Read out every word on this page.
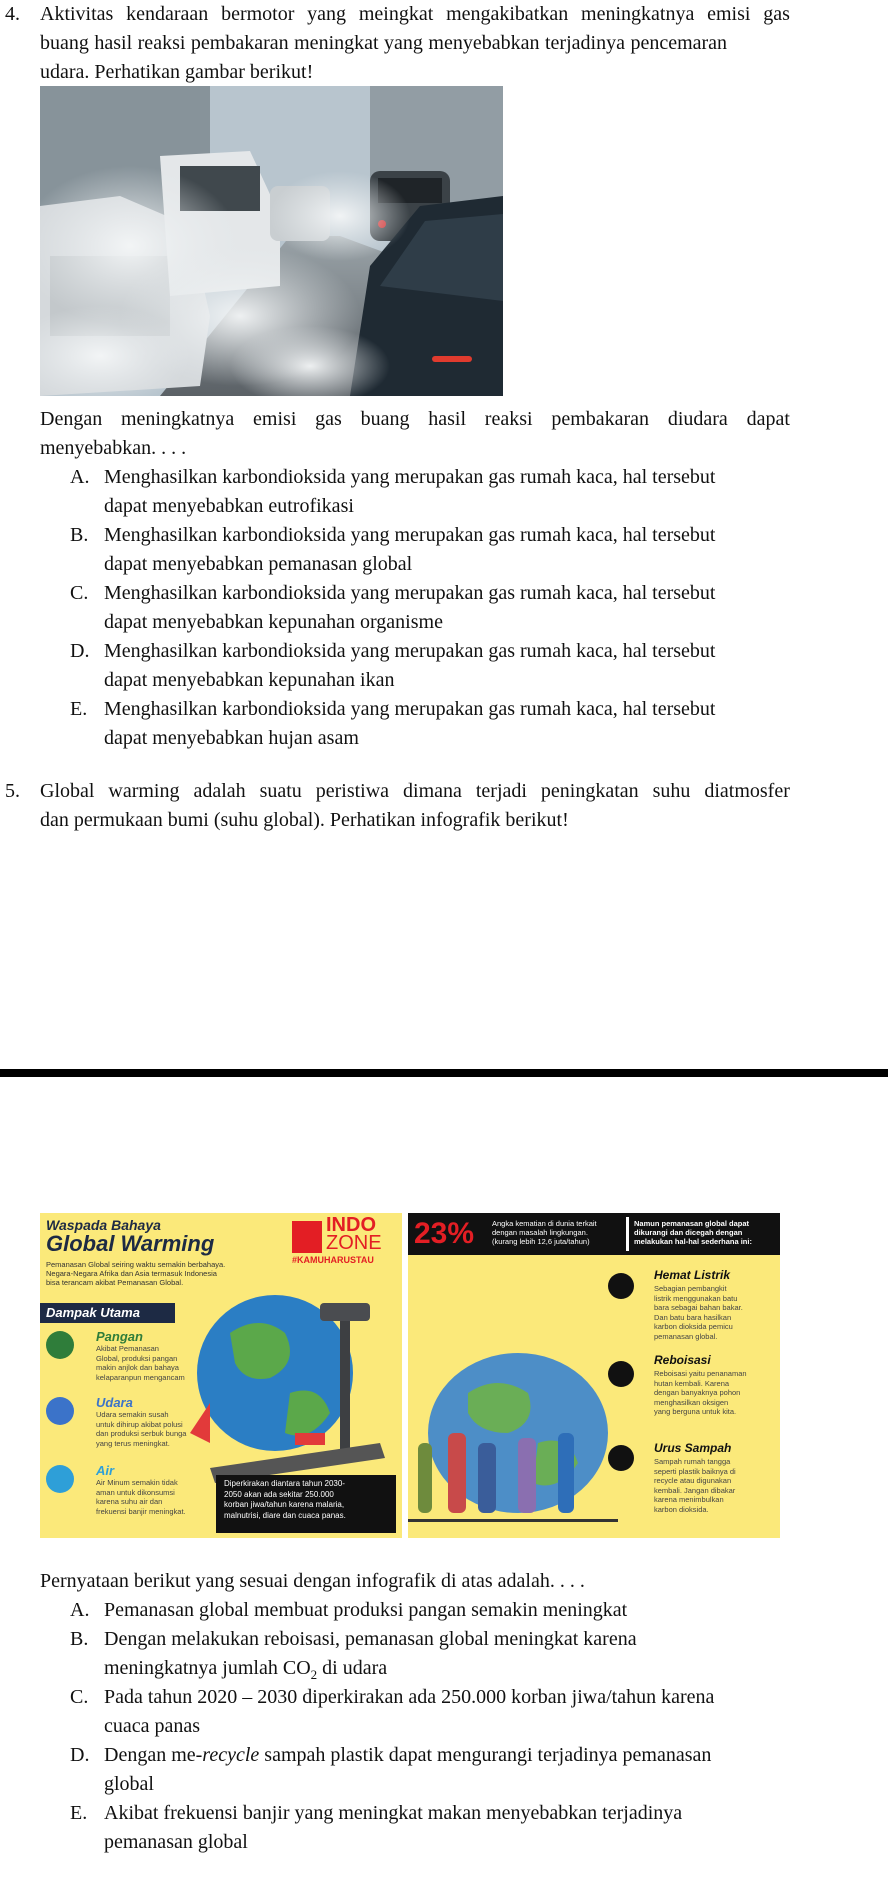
4. Aktivitas kendaraan bermotor yang meingkat mengakibatkan meningkatnya emisi gas
buang hasil reaksi pembakaran meningkat yang menyebabkan terjadinya pencemaran
udara. Perhatikan gambar berikut!
Dengan meningkatnya emisi gas buang hasil reaksi pembakaran diudara dapat
menyebabkan. . . .
A. Menghasilkan karbondioksida yang merupakan gas rumah kaca, hal tersebut
dapat menyebabkan eutrofikasi
B. Menghasilkan karbondioksida yang merupakan gas rumah kaca, hal tersebut
dapat menyebabkan pemanasan global
C. Menghasilkan karbondioksida yang merupakan gas rumah kaca, hal tersebut
dapat menyebabkan kepunahan organisme
D. Menghasilkan karbondioksida yang merupakan gas rumah kaca, hal tersebut
dapat menyebabkan kepunahan ikan
E. Menghasilkan karbondioksida yang merupakan gas rumah kaca, hal tersebut
dapat menyebabkan hujan asam
5. Global warming adalah suatu peristiwa dimana terjadi peningkatan suhu diatmosfer
dan permukaan bumi (suhu global). Perhatikan infografik berikut!
Waspada Bahaya
Global Warming
INDO
ZONE
#KAMUHARUSTAU
Pemanasan Global seiring waktu semakin berbahaya.
Negara-Negara Afrika dan Asia termasuk Indonesia
bisa terancam akibat Pemanasan Global.
Dampak Utama
Pangan
Akibat Pemanasan
Global, produksi pangan
makin anjlok dan bahaya
kelaparanpun mengancam
Udara
Udara semakin susah
untuk dihirup akibat polusi
dan produksi serbuk bunga
yang terus meningkat.
Air
Air Minum semakin tidak
aman untuk dikonsumsi
karena suhu air dan
frekuensi banjir meningkat.
Diperkirakan diantara tahun 2030-
2050 akan ada sekitar 250.000
korban jiwa/tahun karena malaria,
malnutrisi, diare dan cuaca panas.
23% Angka kematian di dunia terkait
dengan masalah lingkungan.
(kurang lebih 12,6 juta/tahun)
Namun pemanasan global dapat
dikurangi dan dicegah dengan
melakukan hal-hal sederhana ini:
Hemat Listrik
Sebagian pembangkit
listrik menggunakan batu
bara sebagai bahan bakar.
Dan batu bara hasilkan
karbon dioksida pemicu
pemanasan global.
Reboisasi
Reboisasi yaitu penanaman
hutan kembali. Karena
dengan banyaknya pohon
menghasilkan oksigen
yang berguna untuk kita.
Urus Sampah
Sampah rumah tangga
seperti plastik baiknya di
recycle atau digunakan
kembali. Jangan dibakar
karena menimbulkan
karbon dioksida.
Pernyataan berikut yang sesuai dengan infografik di atas adalah. . . .
A. Pemanasan global membuat produksi pangan semakin meningkat
B. Dengan melakukan reboisasi, pemanasan global meningkat karena
meningkatnya jumlah $CO_2$ di udara
C. Pada tahun 2020 – 2030 diperkirakan ada 250.000 korban jiwa/tahun karena
cuaca panas
D. Dengan me-recycle sampah plastik dapat mengurangi terjadinya pemanasan
global
E. Akibat frekuensi banjir yang meningkat makan menyebabkan terjadinya
pemanasan global
